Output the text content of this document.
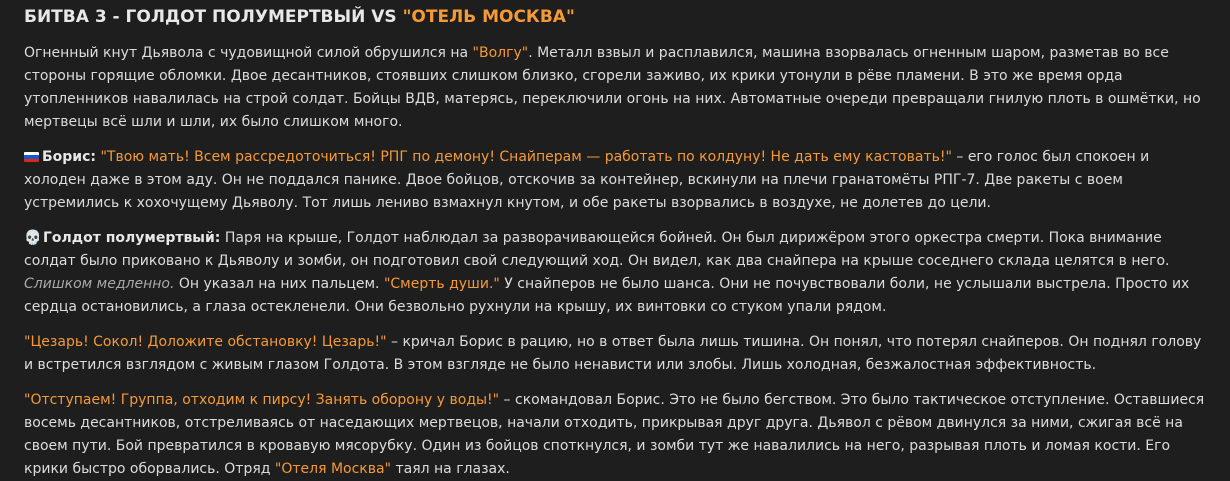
БИТВА 3 - ГОЛДОТ ПОЛУМЕРТВЫЙ VS "ОТЕЛЬ МОСКВА"

Огненный кнут Дьявола с чудовищной силой обрушился на "Волгу". Металл взвыл и расплавился, машина взорвалась огненным шаром, разметав во все стороны горящие обломки. Двое десантников, стоявших слишком близко, сгорели заживо, их крики утонули в рёве пламени. В это же время орда утопленников навалилась на строй солдат. Бойцы ВДВ, матерясь, переключили огонь на них. Автоматные очереди превращали гнилую плоть в ошмётки, но мертвецы всё шли и шли, их было слишком много.

Борис: "Твою мать! Всем рассредоточиться! РПГ по демону! Снайперам — работать по колдуну! Не дать ему кастовать!" – его голос был спокоен и холоден даже в этом аду. Он не поддался панике. Двое бойцов, отскочив за контейнер, вскинули на плечи гранатомёты РПГ-7. Две ракеты с воем устремились к хохочущему Дьяволу. Тот лишь лениво взмахнул кнутом, и обе ракеты взорвались в воздухе, не долетев до цели.

💀 Голдот полумертвый: Паря на крыше, Голдот наблюдал за разворачивающейся бойней. Он был дирижёром этого оркестра смерти. Пока внимание солдат было приковано к Дьяволу и зомби, он подготовил свой следующий ход. Он видел, как два снайпера на крыше соседнего склада целятся в него. Слишком медленно. Он указал на них пальцем. "Смерть души." У снайперов не было шанса. Они не почувствовали боли, не услышали выстрела. Просто их сердца остановились, а глаза остекленели. Они безвольно рухнули на крышу, их винтовки со стуком упали рядом.

"Цезарь! Сокол! Доложите обстановку! Цезарь!" – кричал Борис в рацию, но в ответ была лишь тишина. Он понял, что потерял снайперов. Он поднял голову и встретился взглядом с живым глазом Голдота. В этом взгляде не было ненависти или злобы. Лишь холодная, безжалостная эффективность.

"Отступаем! Группа, отходим к пирсу! Занять оборону у воды!" – скомандовал Борис. Это не было бегством. Это было тактическое отступление. Оставшиеся восемь десантников, отстреливаясь от наседающих мертвецов, начали отходить, прикрывая друг друга. Дьявол с рёвом двинулся за ними, сжигая всё на своем пути. Бой превратился в кровавую мясорубку. Один из бойцов споткнулся, и зомби тут же навалились на него, разрывая плоть и ломая кости. Его крики быстро оборвались. Отряд "Отеля Москва" таял на глазах.
